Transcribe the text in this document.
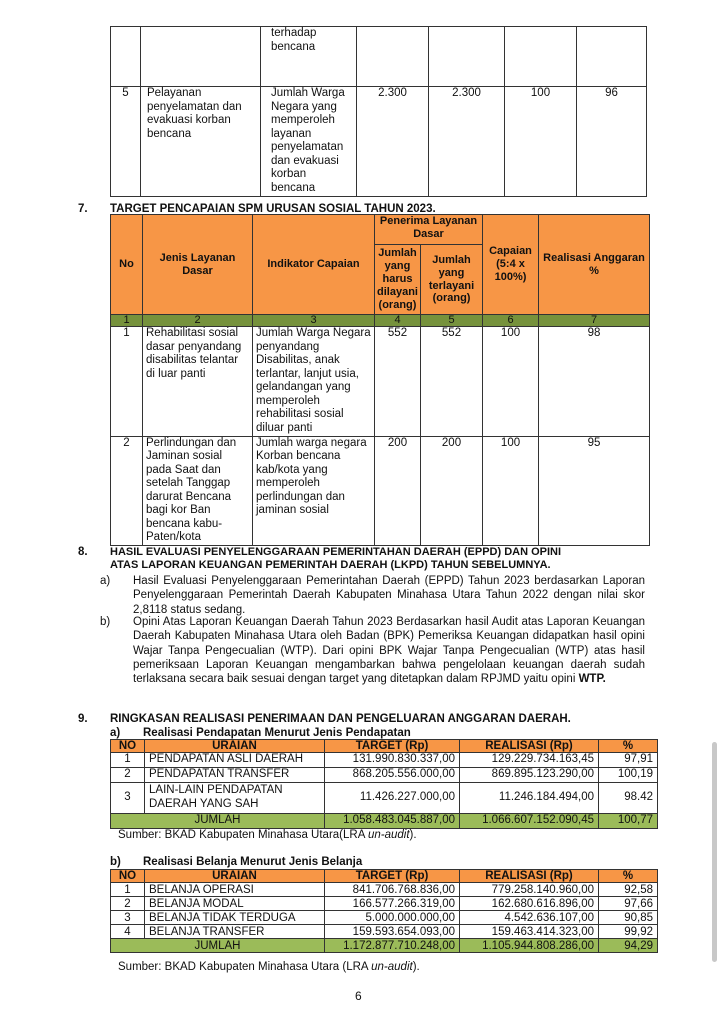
		terhadap bencana				
5	Pelayanan penyelamatan dan evakuasi korban bencana	Jumlah Warga Negara yang memperoleh layanan penyelamatan dan evakuasi korban bencana	2.300	2.300	100	96
7. TARGET PENCAPAIAN SPM URUSAN SOSIAL TAHUN 2023.
No	Jenis Layanan Dasar	Indikator Capaian	Penerima Layanan Dasar		Capaian (5:4 x 100%)	Realisasi Anggaran %
			Jumlah yang harus dilayani (orang)	Jumlah yang terlayani (orang)		
1	2	3	4	5	6	7
1	Rehabilitasi sosial dasar penyandang disabilitas telantar di luar panti	Jumlah Warga Negara penyandang Disabilitas, anak terlantar, lanjut usia, gelandangan yang memperoleh rehabilitasi sosial diluar panti	552	552	100	98
2	Perlindungan dan Jaminan sosial pada Saat dan setelah Tanggap darurat Bencana bagi kor Ban bencana kabu-Paten/kota	Jumlah warga negara Korban bencana kab/kota yang memperoleh perlindungan dan jaminan sosial	200	200	100	95
8. HASIL EVALUASI PENYELENGGARAAN PEMERINTAHAN DAERAH (EPPD) DAN OPINI
ATAS LAPORAN KEUANGAN PEMERINTAH DAERAH (LKPD) TAHUN SEBELUMNYA.
a) Hasil Evaluasi Penyelenggaraan Pemerintahan Daerah (EPPD) Tahun 2023 berdasarkan Laporan Penyelenggaraan Pemerintah Daerah Kabupaten Minahasa Utara Tahun 2022 dengan nilai skor 2,8118 status sedang.
b) Opini Atas Laporan Keuangan Daerah Tahun 2023 Berdasarkan hasil Audit atas Laporan Keuangan Daerah Kabupaten Minahasa Utara oleh Badan (BPK) Pemeriksa Keuangan didapatkan hasil opini Wajar Tanpa Pengecualian (WTP). Dari opini BPK Wajar Tanpa Pengecualian (WTP) atas hasil pemeriksaan Laporan Keuangan mengambarkan bahwa pengelolaan keuangan daerah sudah terlaksana secara baik sesuai dengan target yang ditetapkan dalam RPJMD yaitu opini WTP.
9. RINGKASAN REALISASI PENERIMAAN DAN PENGELUARAN ANGGARAN DAERAH.
a) Realisasi Pendapatan Menurut Jenis Pendapatan
NO	URAIAN	TARGET (Rp)	REALISASI (Rp)	%
1	PENDAPATAN ASLI DAERAH	131.990.830.337,00	129.229.734.163,45	97,91
2	PENDAPATAN TRANSFER	868.205.556.000,00	869.895.123.290,00	100,19
3	LAIN-LAIN PENDAPATAN DAERAH YANG SAH	11.426.227.000,00	11.246.184.494,00	98.42
JUMLAH		1.058.483.045.887,00	1.066.607.152.090,45	100,77
Sumber: BKAD Kabupaten Minahasa Utara(LRA un-audit).
b) Realisasi Belanja Menurut Jenis Belanja
NO	URAIAN	TARGET (Rp)	REALISASI (Rp)	%
1	BELANJA OPERASI	841.706.768.836,00	779.258.140.960,00	92,58
2	BELANJA MODAL	166.577.266.319,00	162.680.616.896,00	97,66
3	BELANJA TIDAK TERDUGA	5.000.000.000,00	4.542.636.107,00	90,85
4	BELANJA TRANSFER	159.593.654.093,00	159.463.414.323,00	99,92
JUMLAH		1.172.877.710.248,00	1.105.944.808.286,00	94,29
Sumber: BKAD Kabupaten Minahasa Utara (LRA un-audit).
6
